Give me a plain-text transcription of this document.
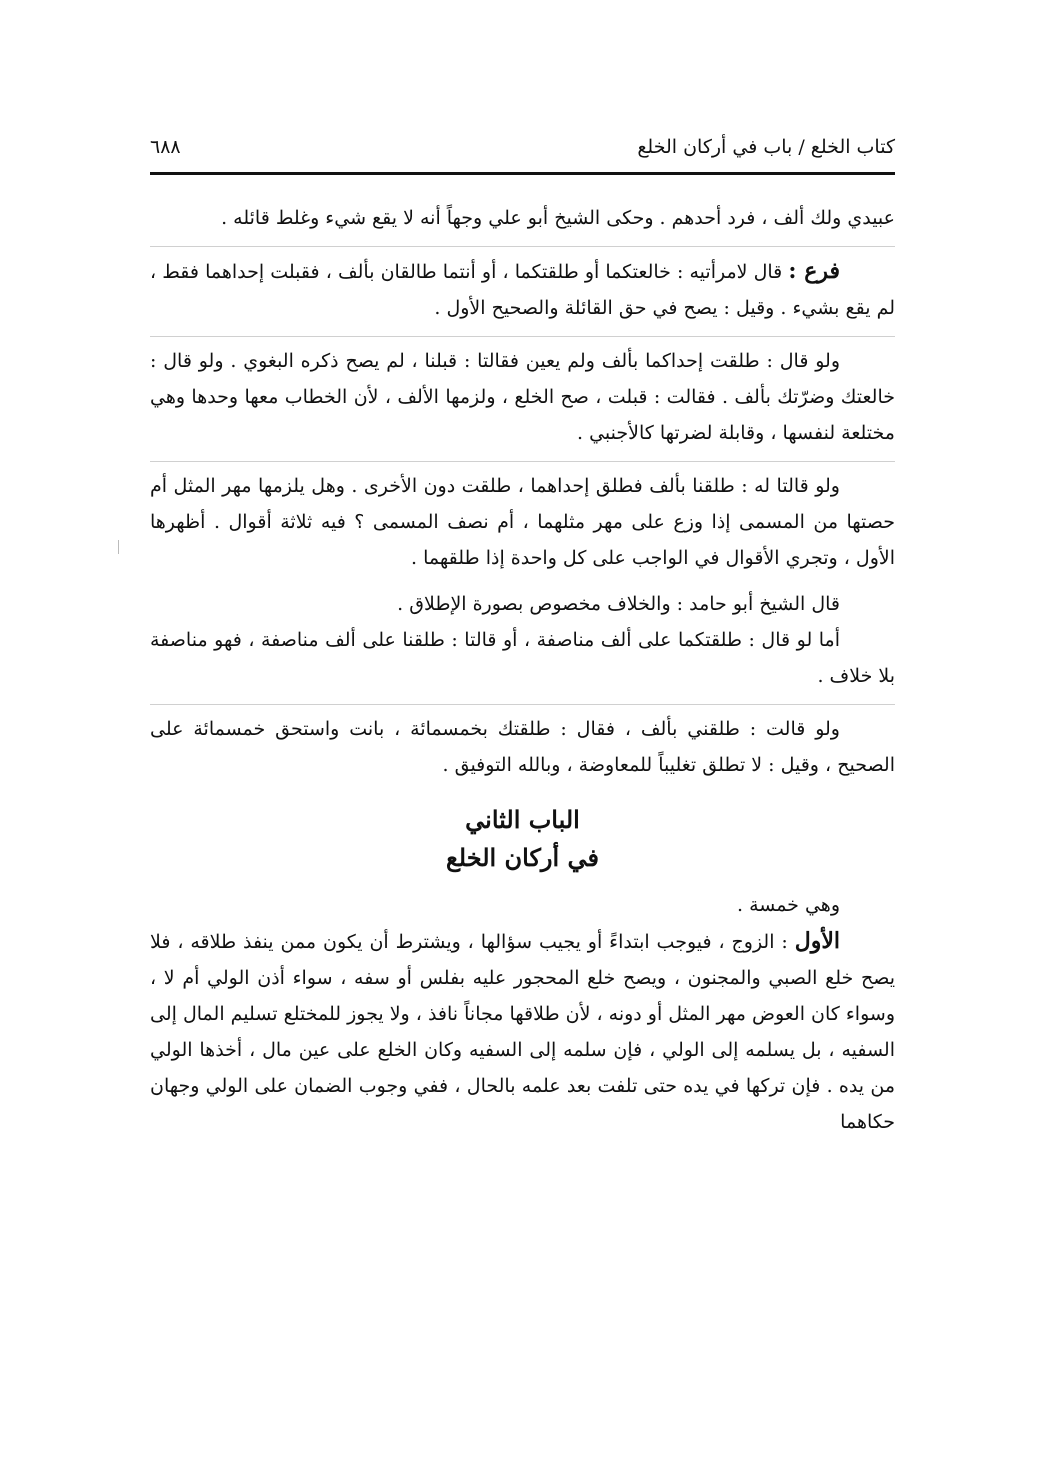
كتاب الخلع / باب في أركان الخلع
٦٨٨

عبيدي ولك ألف ، فرد أحدهم . وحكى الشيخ أبو علي وجهاً أنه لا يقع شيء وغلط قائله .

فرع : قال لامرأتيه : خالعتكما أو طلقتكما ، أو أنتما طالقان بألف ، فقبلت إحداهما فقط ، لم يقع بشيء . وقيل : يصح في حق القائلة والصحيح الأول .

ولو قال : طلقت إحداكما بألف ولم يعين فقالتا : قبلنا ، لم يصح ذكره البغوي . ولو قال : خالعتك وضرّتك بألف . فقالت : قبلت ، صح الخلع ، ولزمها الألف ، لأن الخطاب معها وحدها وهي مختلعة لنفسها ، وقابلة لضرتها كالأجنبي .

ولو قالتا له : طلقنا بألف فطلق إحداهما ، طلقت دون الأخرى . وهل يلزمها مهر المثل أم حصتها من المسمى إذا وزع على مهر مثلهما ، أم نصف المسمى ؟ فيه ثلاثة أقوال . أظهرها الأول ، وتجري الأقوال في الواجب على كل واحدة إذا طلقهما .

قال الشيخ أبو حامد : والخلاف مخصوص بصورة الإطلاق .

أما لو قال : طلقتكما على ألف مناصفة ، أو قالتا : طلقنا على ألف مناصفة ، فهو مناصفة بلا خلاف .

ولو قالت : طلقني بألف ، فقال : طلقتك بخمسمائة ، بانت واستحق خمسمائة على الصحيح ، وقيل : لا تطلق تغليباً للمعاوضة ، وبالله التوفيق .

الباب الثاني
في أركان الخلع

وهي خمسة .

الأول : الزوج ، فيوجب ابتداءً أو يجيب سؤالها ، ويشترط أن يكون ممن ينفذ طلاقه ، فلا يصح خلع الصبي والمجنون ، ويصح خلع المحجور عليه بفلس أو سفه ، سواء أذن الولي أم لا ، وسواء كان العوض مهر المثل أو دونه ، لأن طلاقها مجاناً نافذ ، ولا يجوز للمختلع تسليم المال إلى السفيه ، بل يسلمه إلى الولي ، فإن سلمه إلى السفيه وكان الخلع على عين مال ، أخذها الولي من يده . فإن تركها في يده حتى تلفت بعد علمه بالحال ، ففي وجوب الضمان على الولي وجهان حكاهما
